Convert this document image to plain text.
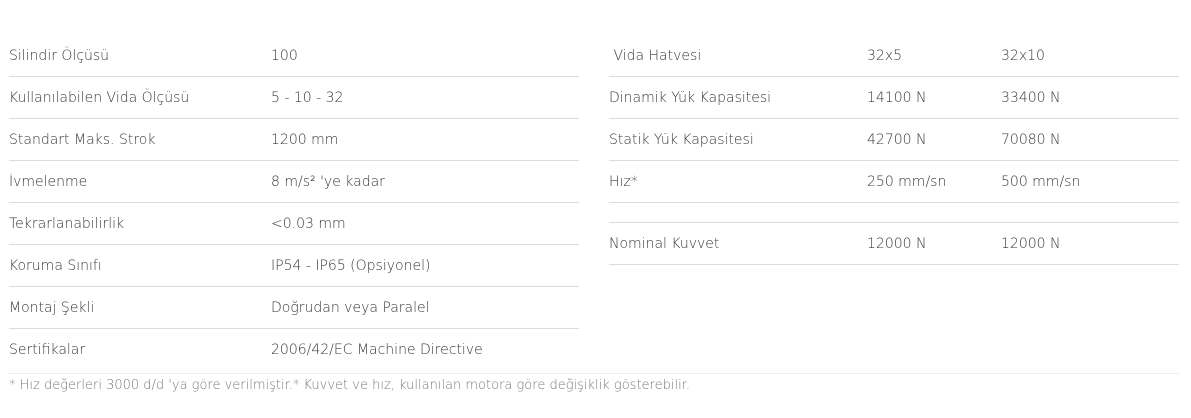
Silindir Ölçüsü	100
Kullanılabilen Vida Ölçüsü	5 - 10 - 32
Standart Maks. Strok	1200 mm
İvmelenme	8 m/s² 'ye kadar
Tekrarlanabilirlik	<0.03 mm
Koruma Sınıfı	IP54 - IP65 (Opsiyonel)
Montaj Şekli	Doğrudan veya Paralel
Sertifikalar	2006/42/EC Machine Directive
Vida Hatvesi	32x5	32x10
Dinamik Yük Kapasitesi	14100 N	33400 N
Statik Yük Kapasitesi	42700 N	70080 N
Hız*	250 mm/sn	500 mm/sn
Nominal Kuvvet	12000 N	12000 N
* Hız değerleri 3000 d/d 'ya göre verilmiştir.* Kuvvet ve hız, kullanılan motora göre değişiklik gösterebilir.
